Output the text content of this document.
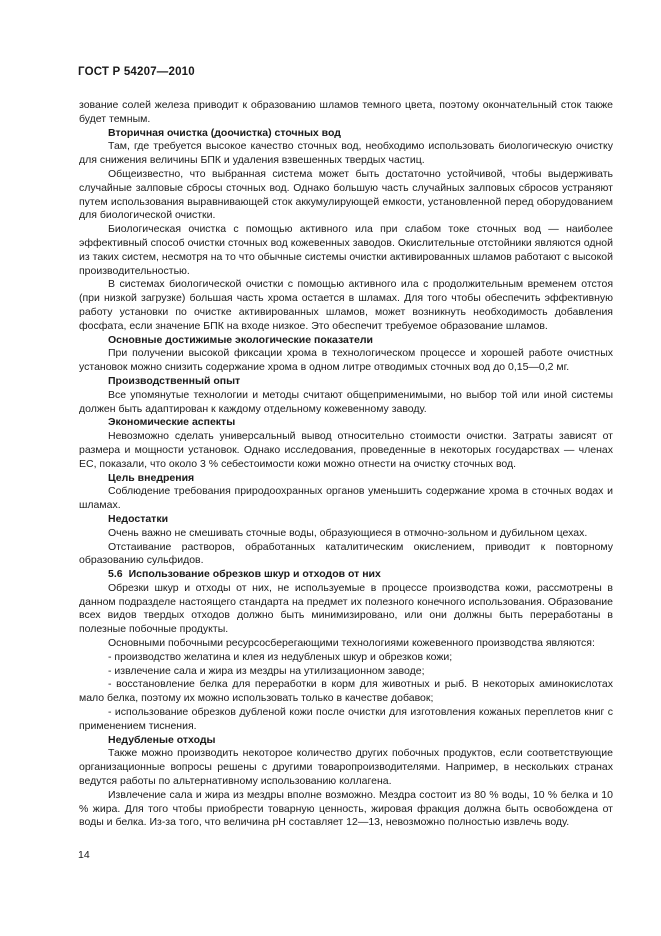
ГОСТ Р 54207—2010

зование солей железа приводит к образованию шламов темного цвета, поэтому окончательный сток также будет темным.

Вторичная очистка (доочистка) сточных вод

Там, где требуется высокое качество сточных вод, необходимо использовать биологическую очистку для снижения величины БПК и удаления взвешенных твердых частиц.

Общеизвестно, что выбранная система может быть достаточно устойчивой, чтобы выдерживать случайные залповые сбросы сточных вод. Однако большую часть случайных залповых сбросов устраняют путем использования выравнивающей сток аккумулирующей емкости, установленной перед оборудованием для биологической очистки.

Биологическая очистка с помощью активного ила при слабом токе сточных вод — наиболее эффективный способ очистки сточных вод кожевенных заводов. Окислительные отстойники являются одной из таких систем, несмотря на то что обычные системы очистки активированных шламов работают с высокой производительностью.

В системах биологической очистки с помощью активного ила с продолжительным временем отстоя (при низкой загрузке) большая часть хрома остается в шламах. Для того чтобы обеспечить эффективную работу установки по очистке активированных шламов, может возникнуть необходимость добавления фосфата, если значение БПК на входе низкое. Это обеспечит требуемое образование шламов.

Основные достижимые экологические показатели

При получении высокой фиксации хрома в технологическом процессе и хорошей работе очистных установок можно снизить содержание хрома в одном литре отводимых сточных вод до 0,15—0,2 мг.

Производственный опыт

Все упомянутые технологии и методы считают общеприменимыми, но выбор той или иной системы должен быть адаптирован к каждому отдельному кожевенному заводу.

Экономические аспекты

Невозможно сделать универсальный вывод относительно стоимости очистки. Затраты зависят от размера и мощности установок. Однако исследования, проведенные в некоторых государствах — членах ЕС, показали, что около 3 % себестоимости кожи можно отнести на очистку сточных вод.

Цель внедрения

Соблюдение требования природоохранных органов уменьшить содержание хрома в сточных водах и шламах.

Недостатки

Очень важно не смешивать сточные воды, образующиеся в отмочно-зольном и дубильном цехах.

Отстаивание растворов, обработанных каталитическим окислением, приводит к повторному образованию сульфидов.

5.6 Использование обрезков шкур и отходов от них

Обрезки шкур и отходы от них, не используемые в процессе производства кожи, рассмотрены в данном подразделе настоящего стандарта на предмет их полезного конечного использования. Образование всех видов твердых отходов должно быть минимизировано, или они должны быть переработаны в полезные побочные продукты.

Основными побочными ресурсосберегающими технологиями кожевенного производства являются:

- производство желатина и клея из недубленых шкур и обрезков кожи;

- извлечение сала и жира из мездры на утилизационном заводе;

- восстановление белка для переработки в корм для животных и рыб. В некоторых аминокислотах мало белка, поэтому их можно использовать только в качестве добавок;

- использование обрезков дубленой кожи после очистки для изготовления кожаных переплетов книг с применением тиснения.

Недубленые отходы

Также можно производить некоторое количество других побочных продуктов, если соответствующие организационные вопросы решены с другими товаропроизводителями. Например, в нескольких странах ведутся работы по альтернативному использованию коллагена.

Извлечение сала и жира из мездры вполне возможно. Мездра состоит из 80 % воды, 10 % белка и 10 % жира. Для того чтобы приобрести товарную ценность, жировая фракция должна быть освобождена от воды и белка. Из-за того, что величина pH составляет 12—13, невозможно полностью извлечь воду.

14
